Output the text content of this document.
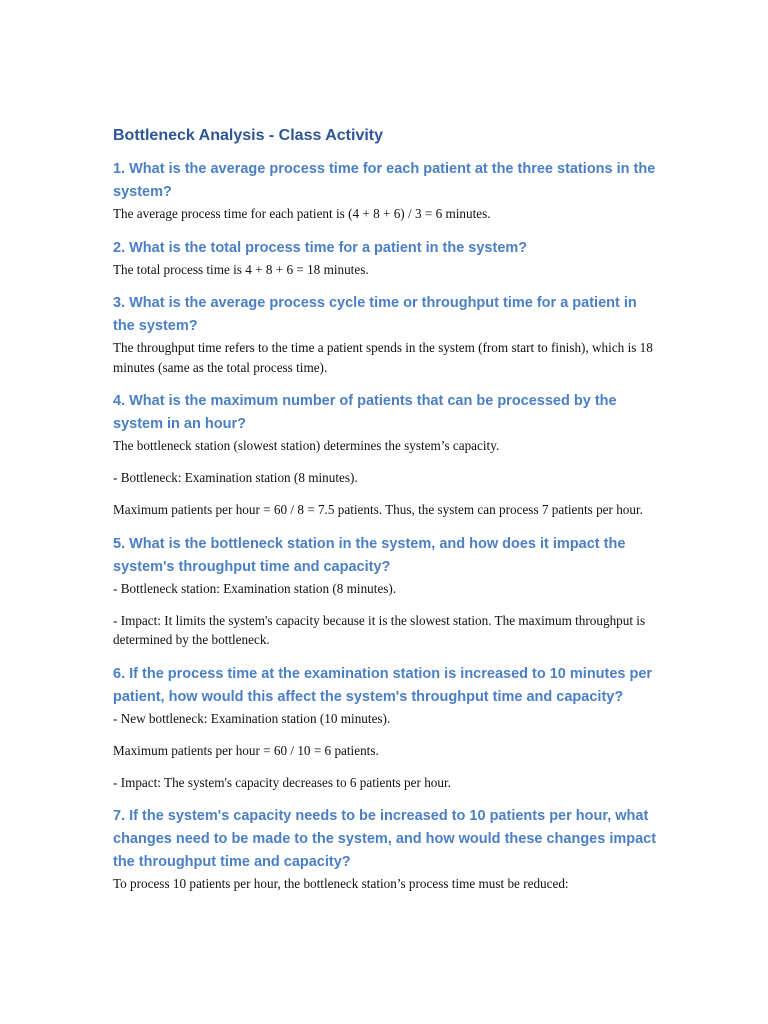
Bottleneck Analysis - Class Activity
1. What is the average process time for each patient at the three stations in the system?

The average process time for each patient is (4 + 8 + 6) / 3 = 6 minutes.

2. What is the total process time for a patient in the system?

The total process time is 4 + 8 + 6 = 18 minutes.

3. What is the average process cycle time or throughput time for a patient in the system?

The throughput time refers to the time a patient spends in the system (from start to finish), which is 18 minutes (same as the total process time).

4. What is the maximum number of patients that can be processed by the system in an hour?

The bottleneck station (slowest station) determines the system’s capacity.

- Bottleneck: Examination station (8 minutes).

Maximum patients per hour = 60 / 8 = 7.5 patients. Thus, the system can process 7 patients per hour.

5. What is the bottleneck station in the system, and how does it impact the system's throughput time and capacity?

- Bottleneck station: Examination station (8 minutes).

- Impact: It limits the system's capacity because it is the slowest station. The maximum throughput is determined by the bottleneck.

6. If the process time at the examination station is increased to 10 minutes per patient, how would this affect the system's throughput time and capacity?

- New bottleneck: Examination station (10 minutes).

Maximum patients per hour = 60 / 10 = 6 patients.

- Impact: The system's capacity decreases to 6 patients per hour.

7. If the system's capacity needs to be increased to 10 patients per hour, what changes need to be made to the system, and how would these changes impact the throughput time and capacity?

To process 10 patients per hour, the bottleneck station’s process time must be reduced:
